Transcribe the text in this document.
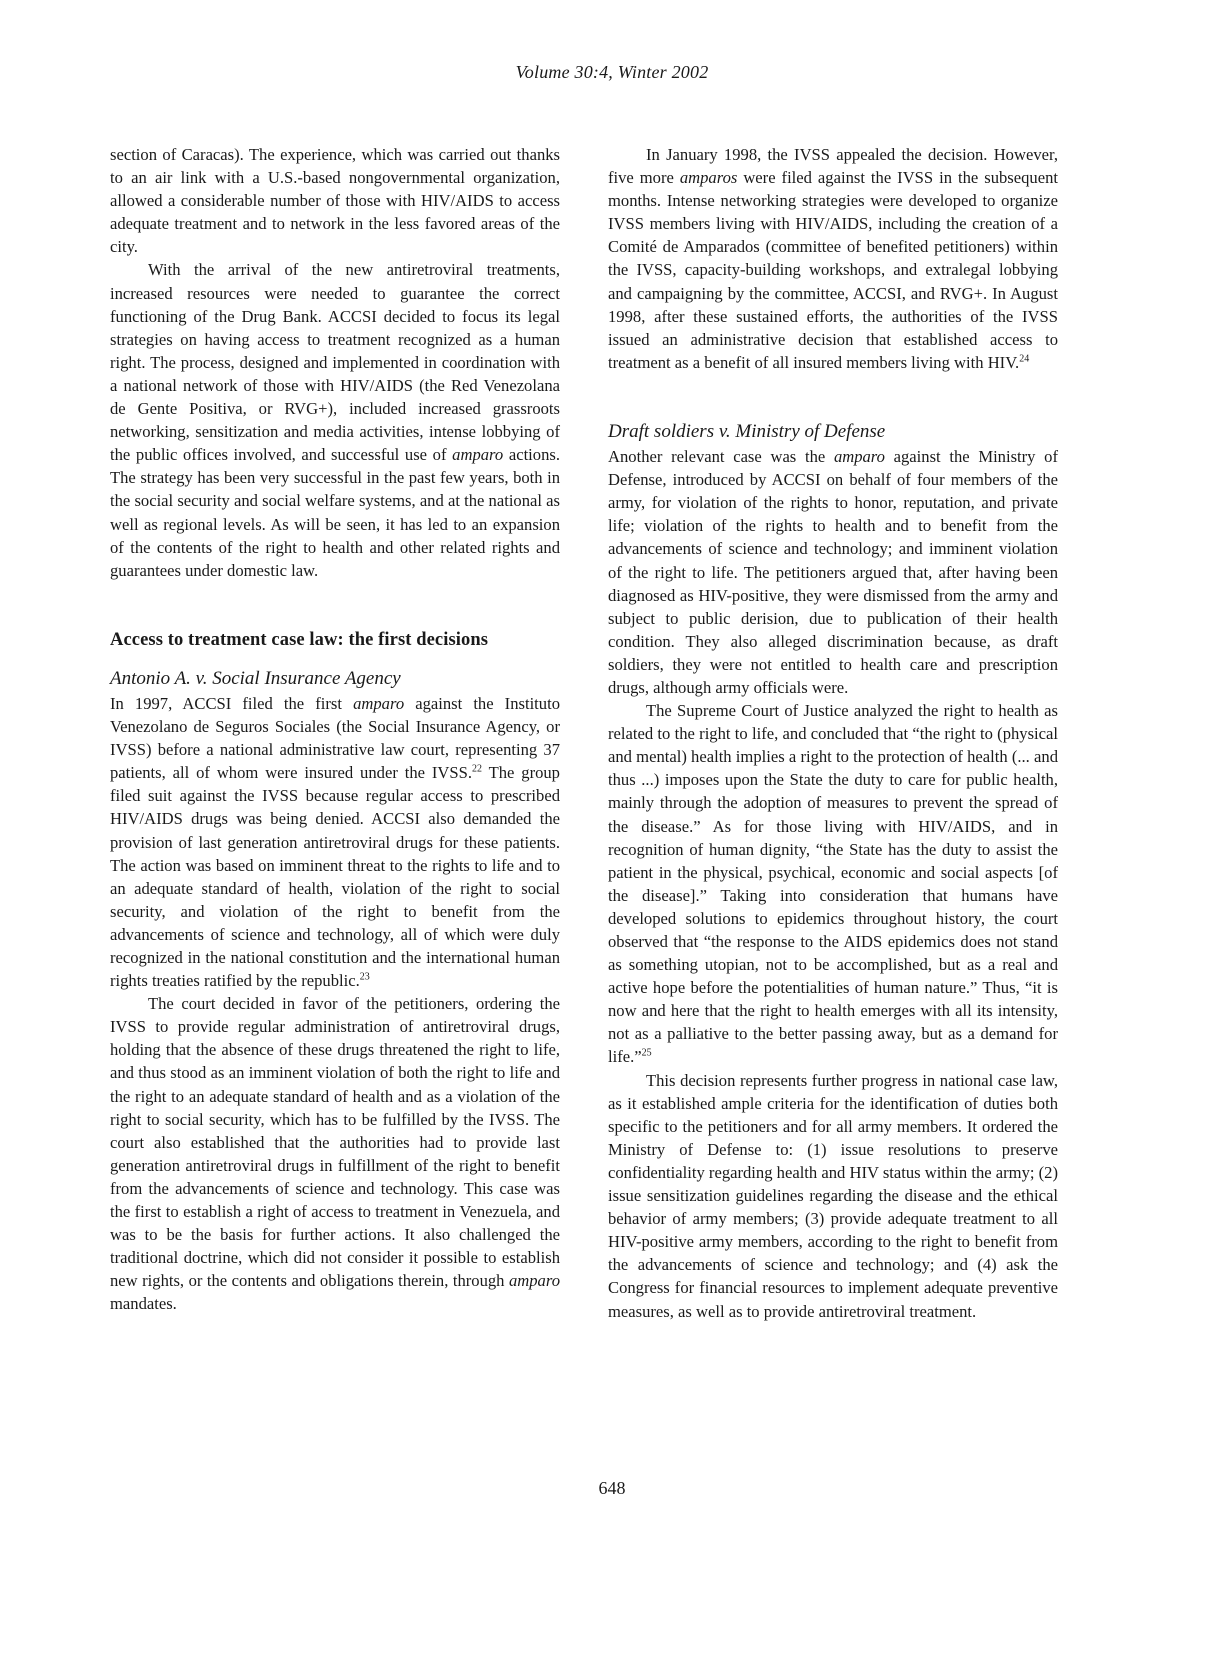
Volume 30:4, Winter 2002

section of Caracas). The experience, which was carried out thanks to an air link with a U.S.-based nongovernmental organization, allowed a considerable number of those with HIV/AIDS to access adequate treatment and to network in the less favored areas of the city.

With the arrival of the new antiretroviral treatments, increased resources were needed to guarantee the correct functioning of the Drug Bank. ACCSI decided to focus its legal strategies on having access to treatment recognized as a human right. The process, designed and implemented in coordination with a national network of those with HIV/AIDS (the Red Venezolana de Gente Positiva, or RVG+), included increased grassroots networking, sensitization and media activities, intense lobbying of the public offices involved, and successful use of amparo actions. The strategy has been very successful in the past few years, both in the social security and social welfare systems, and at the national as well as regional levels. As will be seen, it has led to an expansion of the contents of the right to health and other related rights and guarantees under domestic law.

Access to treatment case law: the first decisions
Antonio A. v. Social Insurance Agency

In 1997, ACCSI filed the first amparo against the Instituto Venezolano de Seguros Sociales (the Social Insurance Agency, or IVSS) before a national administrative law court, representing 37 patients, all of whom were insured under the IVSS.$^{22}$ The group filed suit against the IVSS because regular access to prescribed HIV/AIDS drugs was being denied. ACCSI also demanded the provision of last generation antiretroviral drugs for these patients. The action was based on imminent threat to the rights to life and to an adequate standard of health, violation of the right to social security, and violation of the right to benefit from the advancements of science and technology, all of which were duly recognized in the national constitution and the international human rights treaties ratified by the republic.$^{23}$

The court decided in favor of the petitioners, ordering the IVSS to provide regular administration of antiretroviral drugs, holding that the absence of these drugs threatened the right to life, and thus stood as an imminent violation of both the right to life and the right to an adequate standard of health and as a violation of the right to social security, which has to be fulfilled by the IVSS. The court also established that the authorities had to provide last generation antiretroviral drugs in fulfillment of the right to benefit from the advancements of science and technology. This case was the first to establish a right of access to treatment in Venezuela, and was to be the basis for further actions. It also challenged the traditional doctrine, which did not consider it possible to establish new rights, or the contents and obligations therein, through amparo mandates.

In January 1998, the IVSS appealed the decision. However, five more amparos were filed against the IVSS in the subsequent months. Intense networking strategies were developed to organize IVSS members living with HIV/AIDS, including the creation of a Comité de Amparados (committee of benefited petitioners) within the IVSS, capacity-building workshops, and extralegal lobbying and campaigning by the committee, ACCSI, and RVG+. In August 1998, after these sustained efforts, the authorities of the IVSS issued an administrative decision that established access to treatment as a benefit of all insured members living with HIV.$^{24}$

Draft soldiers v. Ministry of Defense

Another relevant case was the amparo against the Ministry of Defense, introduced by ACCSI on behalf of four members of the army, for violation of the rights to honor, reputation, and private life; violation of the rights to health and to benefit from the advancements of science and technology; and imminent violation of the right to life. The petitioners argued that, after having been diagnosed as HIV-positive, they were dismissed from the army and subject to public derision, due to publication of their health condition. They also alleged discrimination because, as draft soldiers, they were not entitled to health care and prescription drugs, although army officials were.

The Supreme Court of Justice analyzed the right to health as related to the right to life, and concluded that “the right to (physical and mental) health implies a right to the protection of health (... and thus ...) imposes upon the State the duty to care for public health, mainly through the adoption of measures to prevent the spread of the disease.” As for those living with HIV/AIDS, and in recognition of human dignity, “the State has the duty to assist the patient in the physical, psychical, economic and social aspects [of the disease].” Taking into consideration that humans have developed solutions to epidemics throughout history, the court observed that “the response to the AIDS epidemics does not stand as something utopian, not to be accomplished, but as a real and active hope before the potentialities of human nature.” Thus, “it is now and here that the right to health emerges with all its intensity, not as a palliative to the better passing away, but as a demand for life.”$^{25}$

This decision represents further progress in national case law, as it established ample criteria for the identification of duties both specific to the petitioners and for all army members. It ordered the Ministry of Defense to: (1) issue resolutions to preserve confidentiality regarding health and HIV status within the army; (2) issue sensitization guidelines regarding the disease and the ethical behavior of army members; (3) provide adequate treatment to all HIV-positive army members, according to the right to benefit from the advancements of science and technology; and (4) ask the Congress for financial resources to implement adequate preventive measures, as well as to provide antiretroviral treatment.

648
